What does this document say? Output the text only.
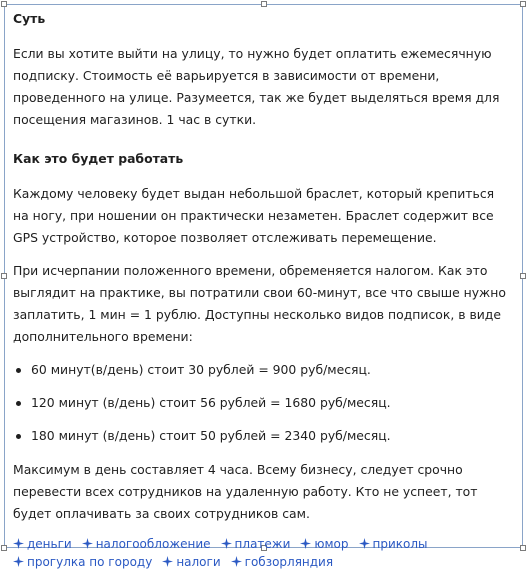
Суть

Если вы хотите выйти на улицу, то нужно будет оплатить ежемесячную подписку. Стоимость её варьируется в зависимости от времени, проведенного на улице. Разумеется, так же будет выделяться время для посещения магазинов. 1 час в сутки.

Как это будет работать

Каждому человеку будет выдан небольшой браслет, который крепиться на ногу, при ношении он практически незаметен. Браслет содержит все GPS устройство, которое позволяет отслеживать перемещение.

При исчерпании положенного времени, обременяется налогом. Как это выглядит на практике, вы потратили свои 60-минут, все что свыше нужно заплатить, 1 мин = 1 рублю. Доступны несколько видов подписок, в виде дополнительного времени:

60 минут(в/день) стоит 30 рублей = 900 руб/месяц.
120 минут (в/день) стоит 56 рублей = 1680 руб/месяц.
180 минут (в/день) стоит 50 рублей = 2340 руб/месяц.

Максимум в день составляет 4 часа. Всему бизнесу, следует срочно перевести всех сотрудников на удаленную работу. Кто не успеет, тот будет оплачивать за своих сотрудников сам.

деньги налогообложение платежи юмор приколыпрогулка по городу налоги гобзорляндия
